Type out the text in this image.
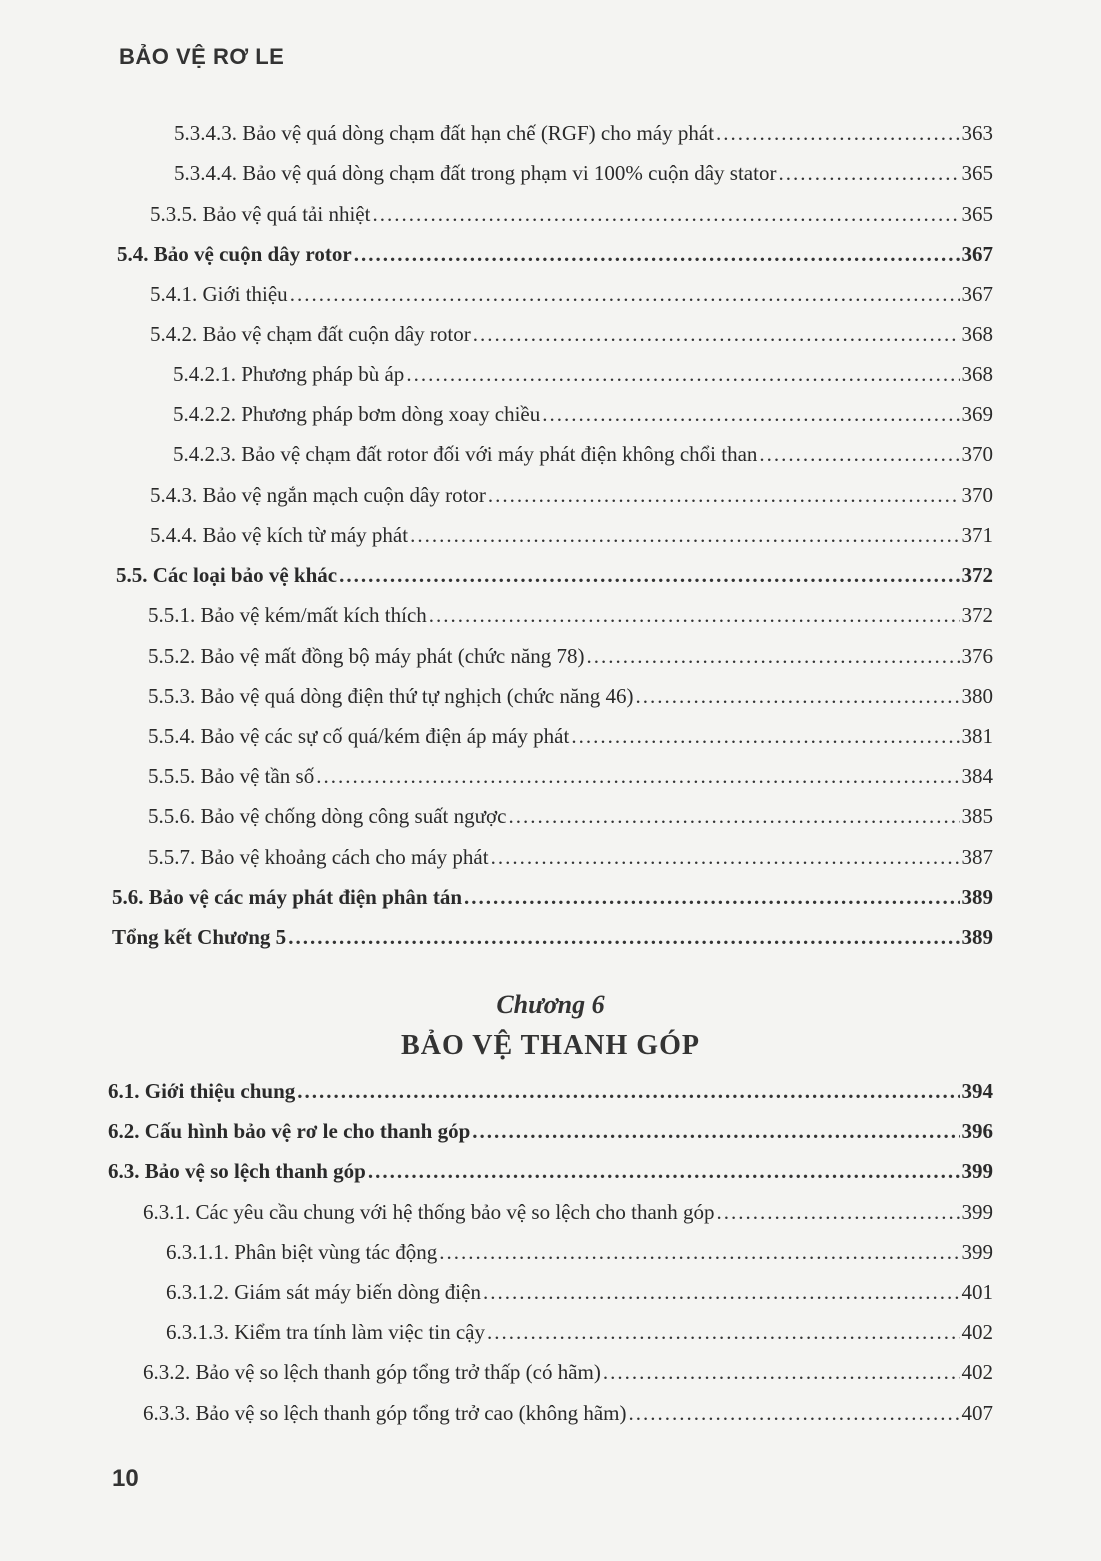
BẢO VỆ RƠ LE
5.3.4.3. Bảo vệ quá dòng chạm đất hạn chế (RGF) cho máy phát .....	363
5.3.4.4. Bảo vệ quá dòng chạm đất trong phạm vi 100% cuộn dây stator .....	365
5.3.5. Bảo vệ quá tải nhiệt .....	365
5.4. Bảo vệ cuộn dây rotor .....	367
5.4.1. Giới thiệu .....	367
5.4.2. Bảo vệ chạm đất cuộn dây rotor .....	368
5.4.2.1. Phương pháp bù áp .....	368
5.4.2.2. Phương pháp bơm dòng xoay chiều .....	369
5.4.2.3. Bảo vệ chạm đất rotor đối với máy phát điện không chổi than .....	370
5.4.3. Bảo vệ ngắn mạch cuộn dây rotor .....	370
5.4.4. Bảo vệ kích từ máy phát .....	371
5.5. Các loại bảo vệ khác .....	372
5.5.1. Bảo vệ kém/mất kích thích .....	372
5.5.2. Bảo vệ mất đồng bộ máy phát (chức năng 78) .....	376
5.5.3. Bảo vệ quá dòng điện thứ tự nghịch (chức năng 46) .....	380
5.5.4. Bảo vệ các sự cố quá/kém điện áp máy phát .....	381
5.5.5. Bảo vệ tần số .....	384
5.5.6. Bảo vệ chống dòng công suất ngược .....	385
5.5.7. Bảo vệ khoảng cách cho máy phát .....	387
5.6. Bảo vệ các máy phát điện phân tán .....	389
Tổng kết Chương 5 .....	389
Chương 6
BẢO VỆ THANH GÓP
6.1. Giới thiệu chung .....	394
6.2. Cấu hình bảo vệ rơ le cho thanh góp .....	396
6.3. Bảo vệ so lệch thanh góp .....	399
6.3.1. Các yêu cầu chung với hệ thống bảo vệ so lệch cho thanh góp .....	399
6.3.1.1. Phân biệt vùng tác động .....	399
6.3.1.2. Giám sát máy biến dòng điện .....	401
6.3.1.3. Kiểm tra tính làm việc tin cậy .....	402
6.3.2. Bảo vệ so lệch thanh góp tổng trở thấp (có hãm) .....	402
6.3.3. Bảo vệ so lệch thanh góp tổng trở cao (không hãm) .....	407
10
